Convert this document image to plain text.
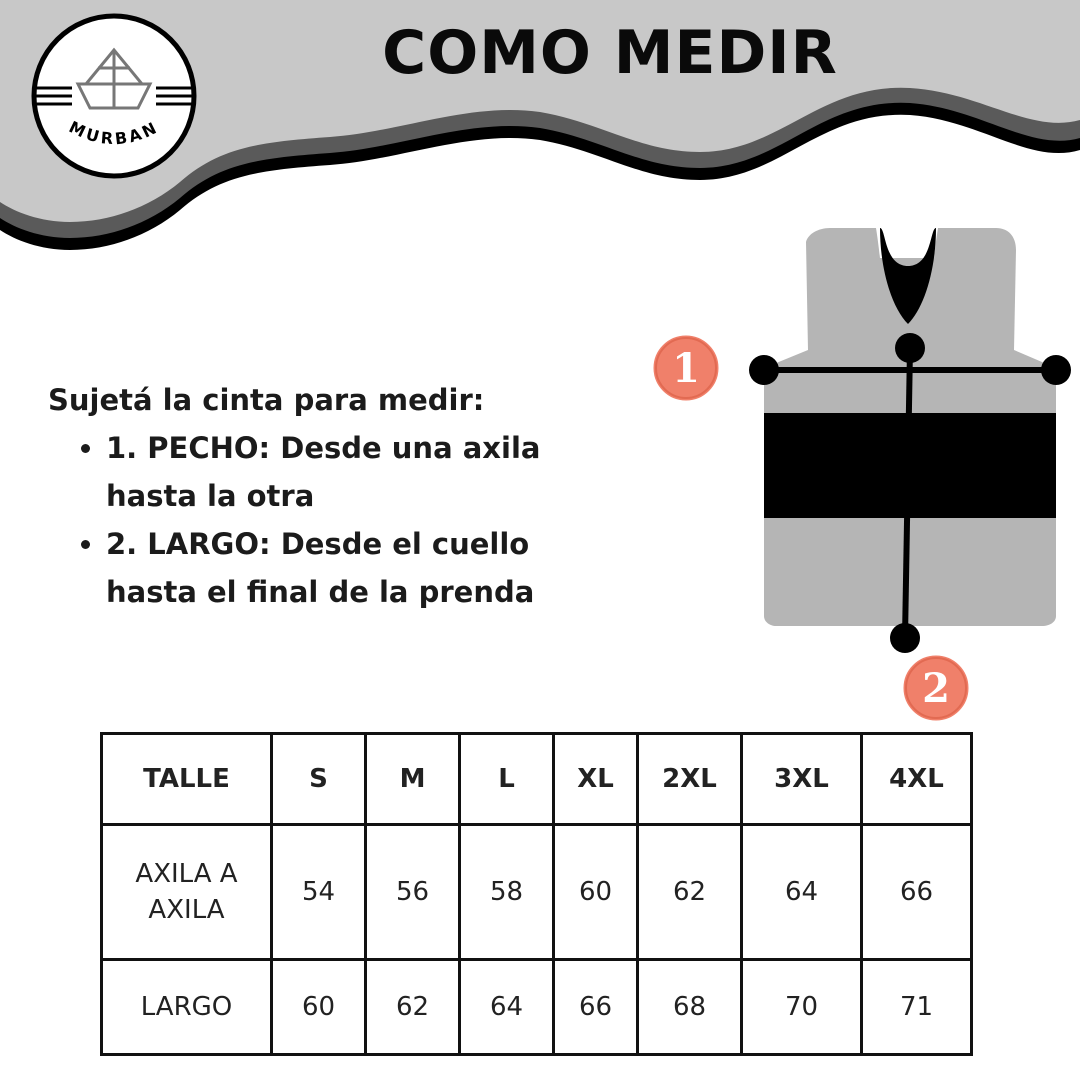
COMO MEDIR
MURBAN

Sujetá la cinta para medir:

• 1. PECHO: Desde una axila hasta la otra
• 2. LARGO: Desde el cuello hasta el final de la prenda
1
2
TALLE	S	M	L	XL	2XL	3XL	4XL
AXILA A AXILA	54	56	58	60	62	64	66
LARGO	60	62	64	66	68	70	71
